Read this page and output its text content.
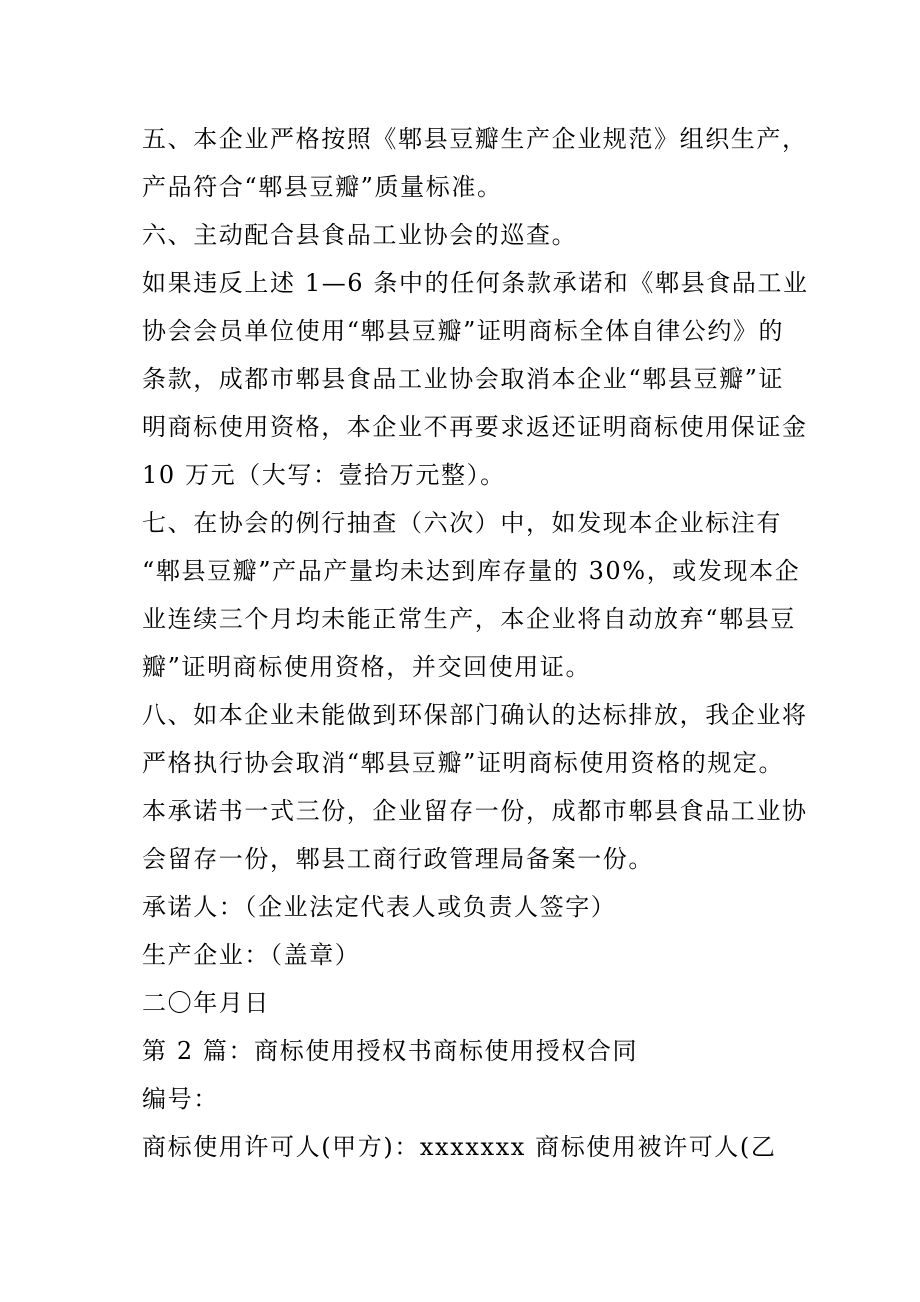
五、本企业严格按照《郫县豆瓣生产企业规范》组织生产，
产品符合“郫县豆瓣”质量标准。
六、主动配合县食品工业协会的巡查。
如果违反上述 1—6 条中的任何条款承诺和《郫县食品工业
协会会员单位使用“郫县豆瓣”证明商标全体自律公约》的
条款，成都市郫县食品工业协会取消本企业“郫县豆瓣”证
明商标使用资格，本企业不再要求返还证明商标使用保证金
10 万元（大写：壹拾万元整）。
七、在协会的例行抽查（六次）中，如发现本企业标注有
“郫县豆瓣”产品产量均未达到库存量的 30%，或发现本企
业连续三个月均未能正常生产，本企业将自动放弃“郫县豆
瓣”证明商标使用资格，并交回使用证。
八、如本企业未能做到环保部门确认的达标排放，我企业将
严格执行协会取消“郫县豆瓣”证明商标使用资格的规定。
本承诺书一式三份，企业留存一份，成都市郫县食品工业协
会留存一份，郫县工商行政管理局备案一份。
承诺人：（企业法定代表人或负责人签字）
生产企业：（盖章）
二〇年月日
第 2 篇：商标使用授权书商标使用授权合同
编号：
商标使用许可人(甲方)：xxxxxxx 商标使用被许可人(乙
